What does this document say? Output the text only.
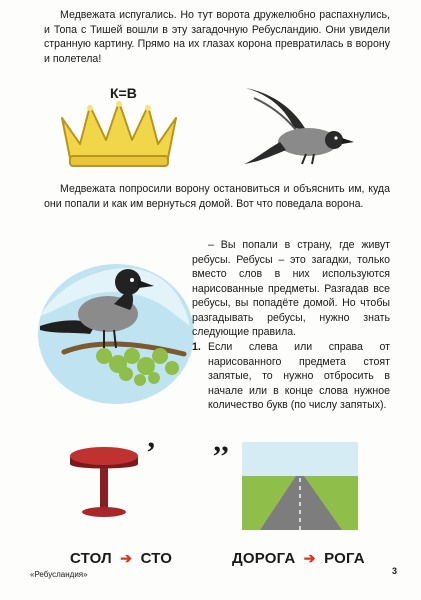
Медвежата испугались. Но тут ворота дружелюбно распахнулись, и Топа с Тишей вошли в эту загадочную Ребусландию. Они увидели странную картину. Прямо на их глазах корона превратилась в ворону и полетела!
К=В
Медвежата попросили ворону остановиться и объяснить им, куда они попали и как им вернуться домой. Вот что поведала ворона.
– Вы попали в страну, где живут ребусы. Ребусы – это загадки, только вместо слов в них используются нарисованные предметы. Разгадав все ребусы, вы попадёте домой. Но чтобы разгадывать ребусы, нужно знать следующие правила.
1. Если слева или справа от нарисованного предмета стоят запятые, то нужно отбросить в начале или в конце слова нужное количество букв (по числу запятых).
’ ’’
СТОЛ ➔ СТО	ДОРОГА ➔ РОГА
«Ребусландия»	3
